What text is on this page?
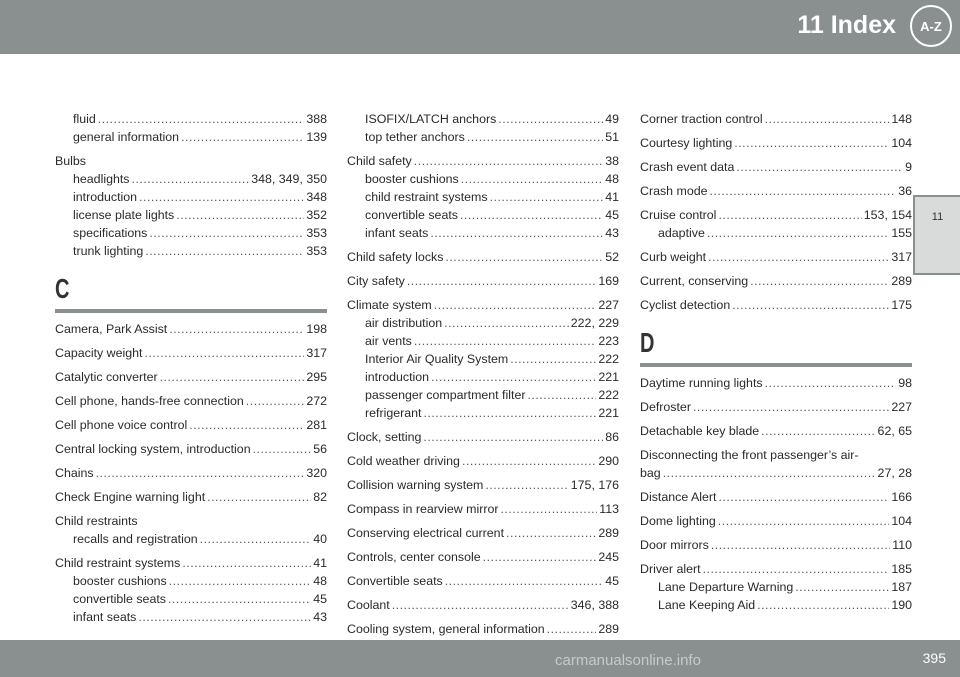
11 Index	A-Z
11
fluid .....	388
general information .....	139
Bulbs
headlights .....	348, 349, 350
introduction .....	348
license plate lights .....	352
specifications .....	353
trunk lighting .....	353
C
Camera, Park Assist .....	198
Capacity weight .....	317
Catalytic converter .....	295
Cell phone, hands-free connection .....	272
Cell phone voice control .....	281
Central locking system, introduction .....	56
Chains .....	320
Check Engine warning light .....	82
Child restraints
recalls and registration .....	40
Child restraint systems .....	41
booster cushions .....	48
convertible seats .....	45
infant seats .....	43
ISOFIX/LATCH anchors .....	49
top tether anchors .....	51
Child safety .....	38
booster cushions .....	48
child restraint systems .....	41
convertible seats .....	45
infant seats .....	43
Child safety locks .....	52
City safety .....	169
Climate system .....	227
air distribution .....	222, 229
air vents .....	223
Interior Air Quality System .....	222
introduction .....	221
passenger compartment filter .....	222
refrigerant .....	221
Clock, setting .....	86
Cold weather driving .....	290
Collision warning system .....	175, 176
Compass in rearview mirror .....	113
Conserving electrical current .....	289
Controls, center console .....	245
Convertible seats .....	45
Coolant .....	346, 388
Cooling system, general information .....	289
Corner traction control .....	148
Courtesy lighting .....	104
Crash event data .....	9
Crash mode .....	36
Cruise control .....	153, 154
adaptive .....	155
Curb weight .....	317
Current, conserving .....	289
Cyclist detection .....	175
D
Daytime running lights .....	98
Defroster .....	227
Detachable key blade .....	62, 65
Disconnecting the front passenger’s air-
bag .....	27, 28
Distance Alert .....	166
Dome lighting .....	104
Door mirrors .....	110
Driver alert .....	185
Lane Departure Warning .....	187
Lane Keeping Aid .....	190
395
carmanualsonline.info
